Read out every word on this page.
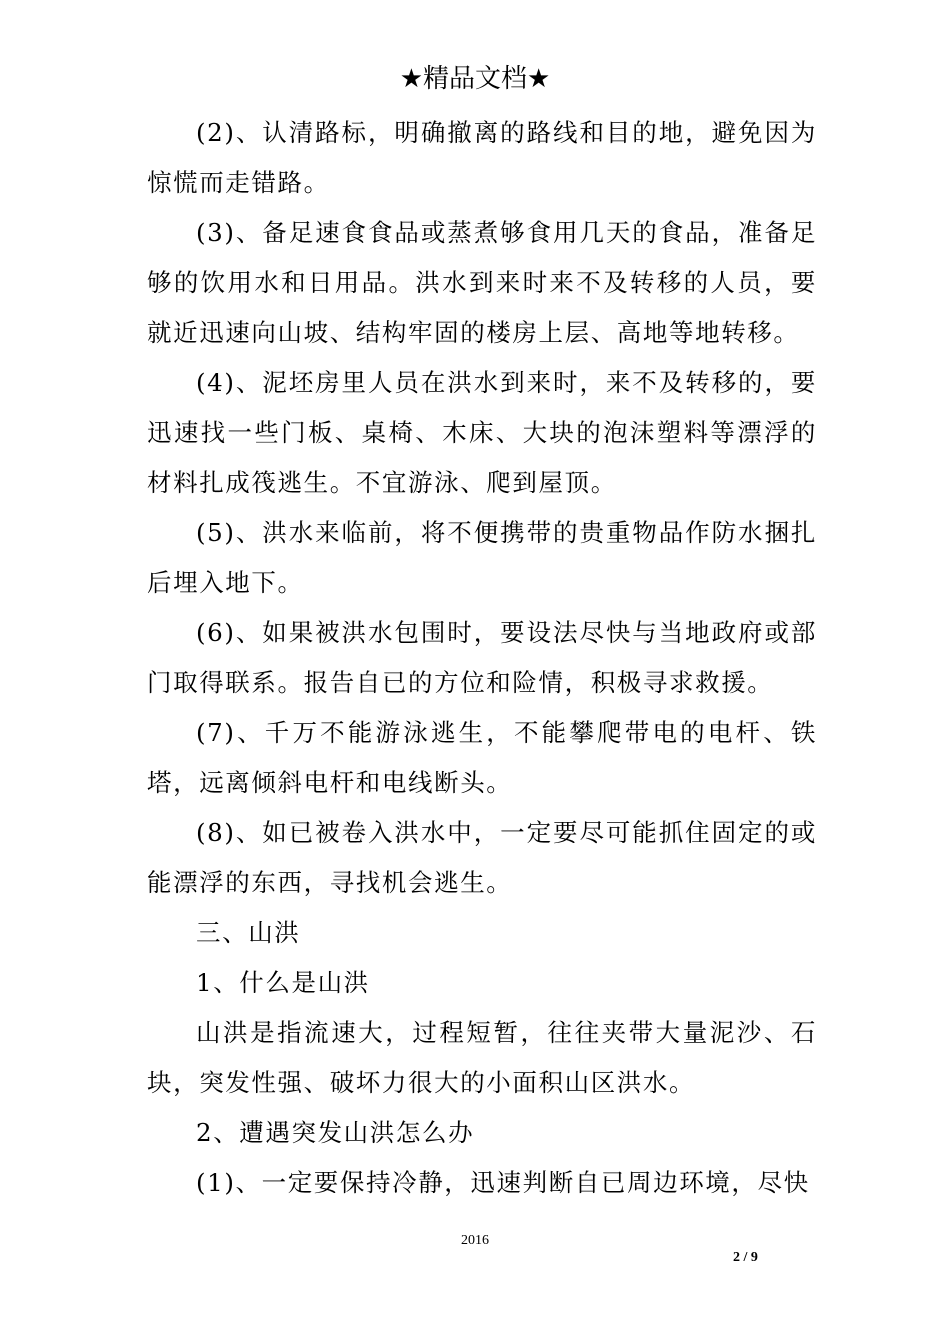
★精品文档★

(2)、认清路标，明确撤离的路线和目的地，避免因为惊慌而走错路。

(3)、备足速食食品或蒸煮够食用几天的食品，准备足够的饮用水和日用品。洪水到来时来不及转移的人员，要就近迅速向山坡、结构牢固的楼房上层、高地等地转移。

(4)、泥坯房里人员在洪水到来时，来不及转移的，要迅速找一些门板、桌椅、木床、大块的泡沫塑料等漂浮的材料扎成筏逃生。不宜游泳、爬到屋顶。

(5)、洪水来临前，将不便携带的贵重物品作防水捆扎后埋入地下。

(6)、如果被洪水包围时，要设法尽快与当地政府或部门取得联系。报告自已的方位和险情，积极寻求救援。

(7)、千万不能游泳逃生，不能攀爬带电的电杆、铁塔，远离倾斜电杆和电线断头。

(8)、如已被卷入洪水中，一定要尽可能抓住固定的或能漂浮的东西，寻找机会逃生。

三、山洪

1、什么是山洪

山洪是指流速大，过程短暂，往往夹带大量泥沙、石块，突发性强、破坏力很大的小面积山区洪水。

2、遭遇突发山洪怎么办

(1)、一定要保持冷静，迅速判断自已周边环境，尽快

2016
2 / 9
